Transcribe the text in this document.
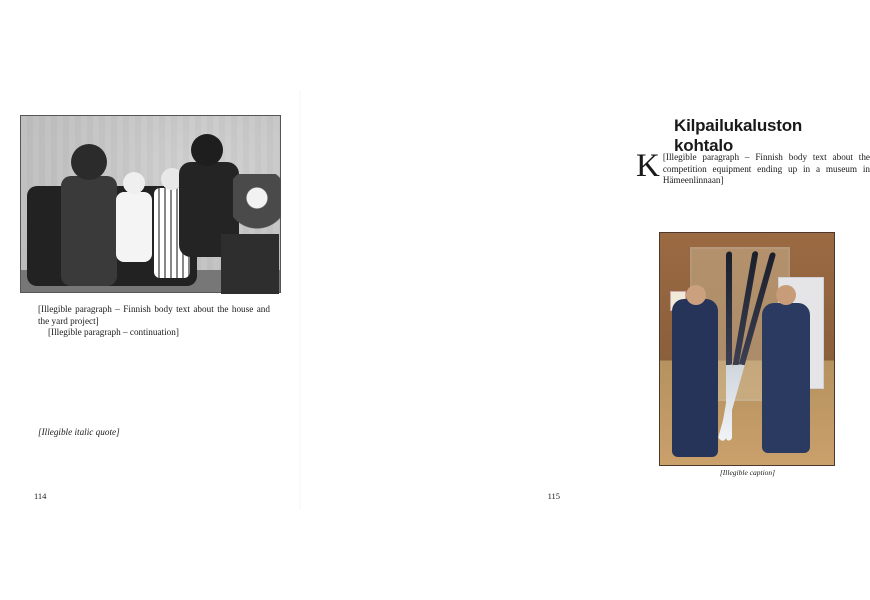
[Illegible paragraph – Finnish body text about the house and the yard project]

[Illegible paragraph – continuation]

[Illegible italic quote]
114
Kilpailukaluston kohtalo
K [Illegible paragraph – Finnish body text about the competition equipment ending up in a museum in Hämeenlinnaan]
[Illegible caption]
115
